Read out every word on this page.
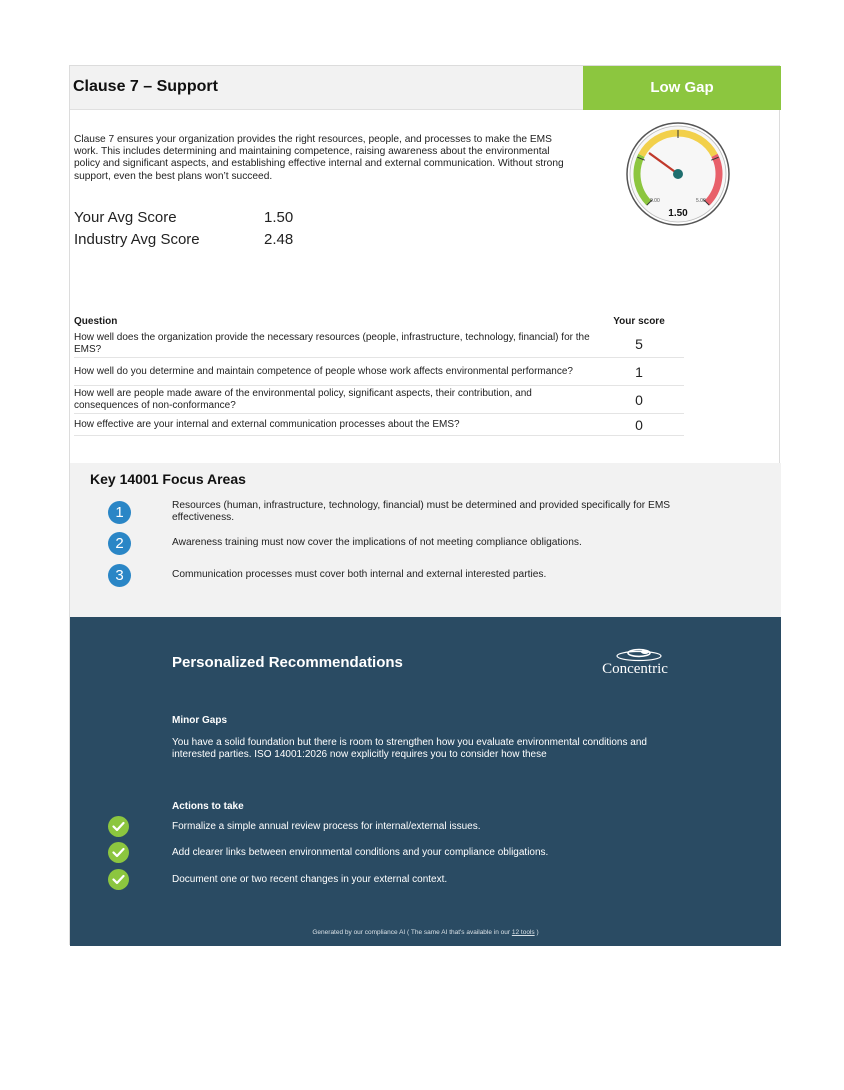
Clause 7 – Support	Low Gap
Clause 7 ensures your organization provides the right resources, people, and processes to make the EMS work. This includes determining and maintaining competence, raising awareness about the environmental policy and significant aspects, and establishing effective internal and external communication. Without strong support, even the best plans won’t succeed.
Your Avg Score	1.50
Industry Avg Score	2.48
0.00	5.00
1.50
Question	Your score
How well does the organization provide the necessary resources (people, infrastructure, technology, financial) for the EMS?	5
How well do you determine and maintain competence of people whose work affects environmental performance?	1
How well are people made aware of the environmental policy, significant aspects, their contribution, and consequences of non-conformance?	0
How effective are your internal and external communication processes about the EMS?	0
Key 14001 Focus Areas
1	Resources (human, infrastructure, technology, financial) must be determined and provided specifically for EMS effectiveness.
2	Awareness training must now cover the implications of not meeting compliance obligations.
3	Communication processes must cover both internal and external interested parties.
Personalized Recommendations	Concentric
Minor Gaps
You have a solid foundation but there is room to strengthen how you evaluate environmental conditions and interested parties. ISO 14001:2026 now explicitly requires you to consider how these
Actions to take
Formalize a simple annual review process for internal/external issues.
Add clearer links between environmental conditions and your compliance obligations.
Document one or two recent changes in your external context.
Generated by our compliance AI ( The same AI that's available in our 12 tools )
